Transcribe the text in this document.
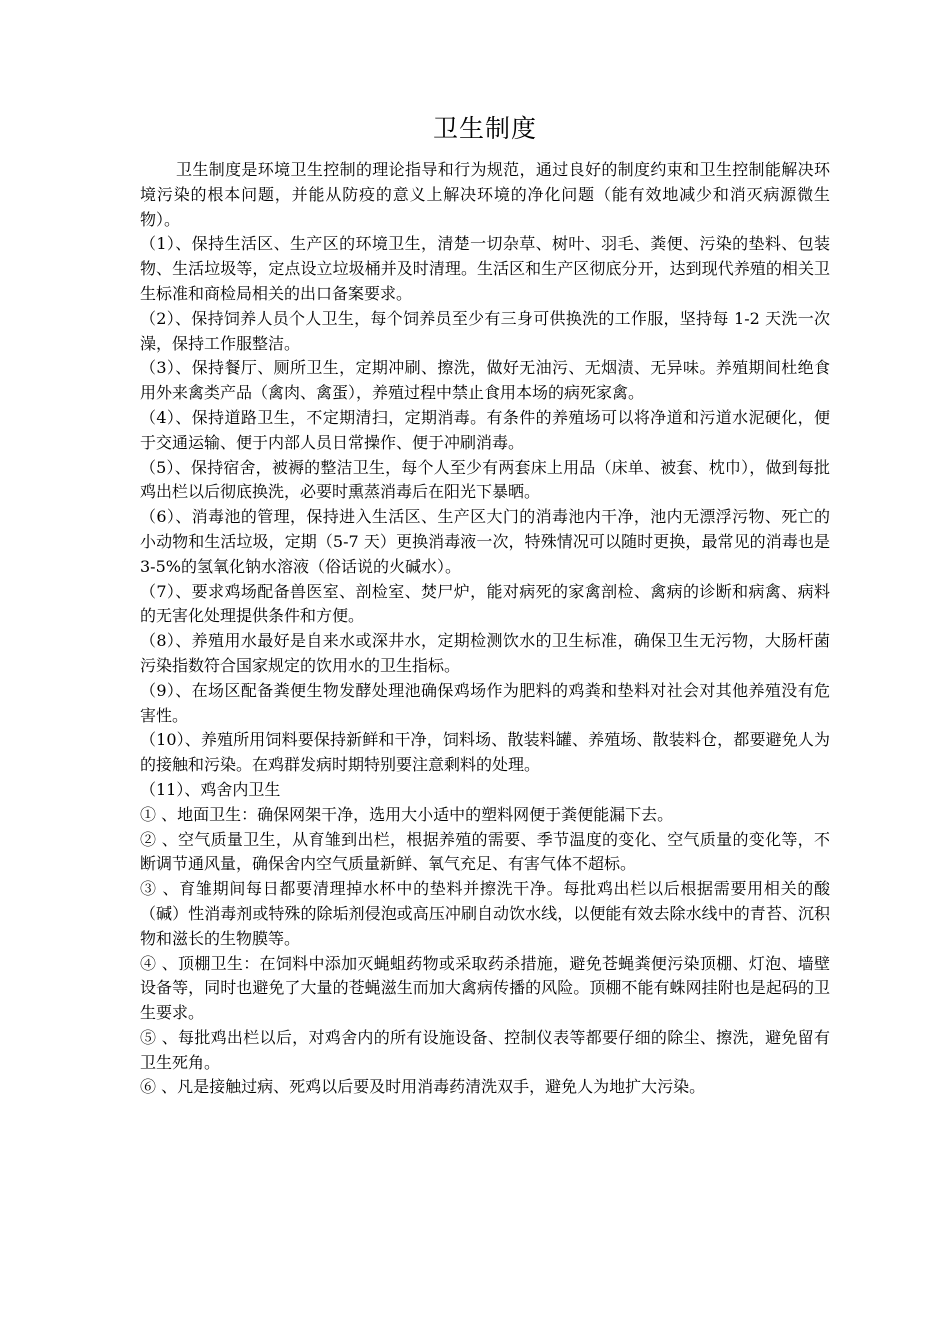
卫生制度

卫生制度是环境卫生控制的理论指导和行为规范，通过良好的制度约束和卫生控制能解决环境污染的根本问题，并能从防疫的意义上解决环境的净化问题（能有效地减少和消灭病源微生物）。

（1）、保持生活区、生产区的环境卫生，清楚一切杂草、树叶、羽毛、粪便、污染的垫料、包装物、生活垃圾等，定点设立垃圾桶并及时清理。生活区和生产区彻底分开，达到现代养殖的相关卫生标准和商检局相关的出口备案要求。

（2）、保持饲养人员个人卫生，每个饲养员至少有三身可供换洗的工作服，坚持每 1-2 天洗一次澡，保持工作服整洁。

（3）、保持餐厅、厕所卫生，定期冲刷、擦洗，做好无油污、无烟渍、无异味。养殖期间杜绝食用外来禽类产品（禽肉、禽蛋），养殖过程中禁止食用本场的病死家禽。

（4）、保持道路卫生，不定期清扫，定期消毒。有条件的养殖场可以将净道和污道水泥硬化，便于交通运输、便于内部人员日常操作、便于冲刷消毒。

（5）、保持宿舍，被褥的整洁卫生，每个人至少有两套床上用品（床单、被套、枕巾），做到每批鸡出栏以后彻底换洗，必要时熏蒸消毒后在阳光下暴晒。

（6）、消毒池的管理，保持进入生活区、生产区大门的消毒池内干净，池内无漂浮污物、死亡的小动物和生活垃圾，定期（5-7 天）更换消毒液一次，特殊情况可以随时更换，最常见的消毒也是 3-5%的氢氧化钠水溶液（俗话说的火碱水）。

（7）、要求鸡场配备兽医室、剖检室、焚尸炉，能对病死的家禽剖检、禽病的诊断和病禽、病料的无害化处理提供条件和方便。

（8）、养殖用水最好是自来水或深井水，定期检测饮水的卫生标准，确保卫生无污物，大肠杆菌污染指数符合国家规定的饮用水的卫生指标。

（9）、在场区配备粪便生物发酵处理池确保鸡场作为肥料的鸡粪和垫料对社会对其他养殖没有危害性。

（10）、养殖所用饲料要保持新鲜和干净，饲料场、散装料罐、养殖场、散装料仓，都要避免人为的接触和污染。在鸡群发病时期特别要注意剩料的处理。

（11）、鸡舍内卫生

① 、地面卫生：确保网架干净，选用大小适中的塑料网便于粪便能漏下去。

② 、空气质量卫生，从育雏到出栏，根据养殖的需要、季节温度的变化、空气质量的变化等，不断调节通风量，确保舍内空气质量新鲜、氧气充足、有害气体不超标。

③ 、育雏期间每日都要清理掉水杯中的垫料并擦洗干净。每批鸡出栏以后根据需要用相关的酸（碱）性消毒剂或特殊的除垢剂侵泡或高压冲刷自动饮水线，以便能有效去除水线中的青苔、沉积物和滋长的生物膜等。

④ 、顶棚卫生：在饲料中添加灭蝇蛆药物或采取药杀措施，避免苍蝇粪便污染顶棚、灯泡、墙壁设备等，同时也避免了大量的苍蝇滋生而加大禽病传播的风险。顶棚不能有蛛网挂附也是起码的卫生要求。

⑤ 、每批鸡出栏以后，对鸡舍内的所有设施设备、控制仪表等都要仔细的除尘、擦洗，避免留有卫生死角。

⑥ 、凡是接触过病、死鸡以后要及时用消毒药清洗双手，避免人为地扩大污染。
